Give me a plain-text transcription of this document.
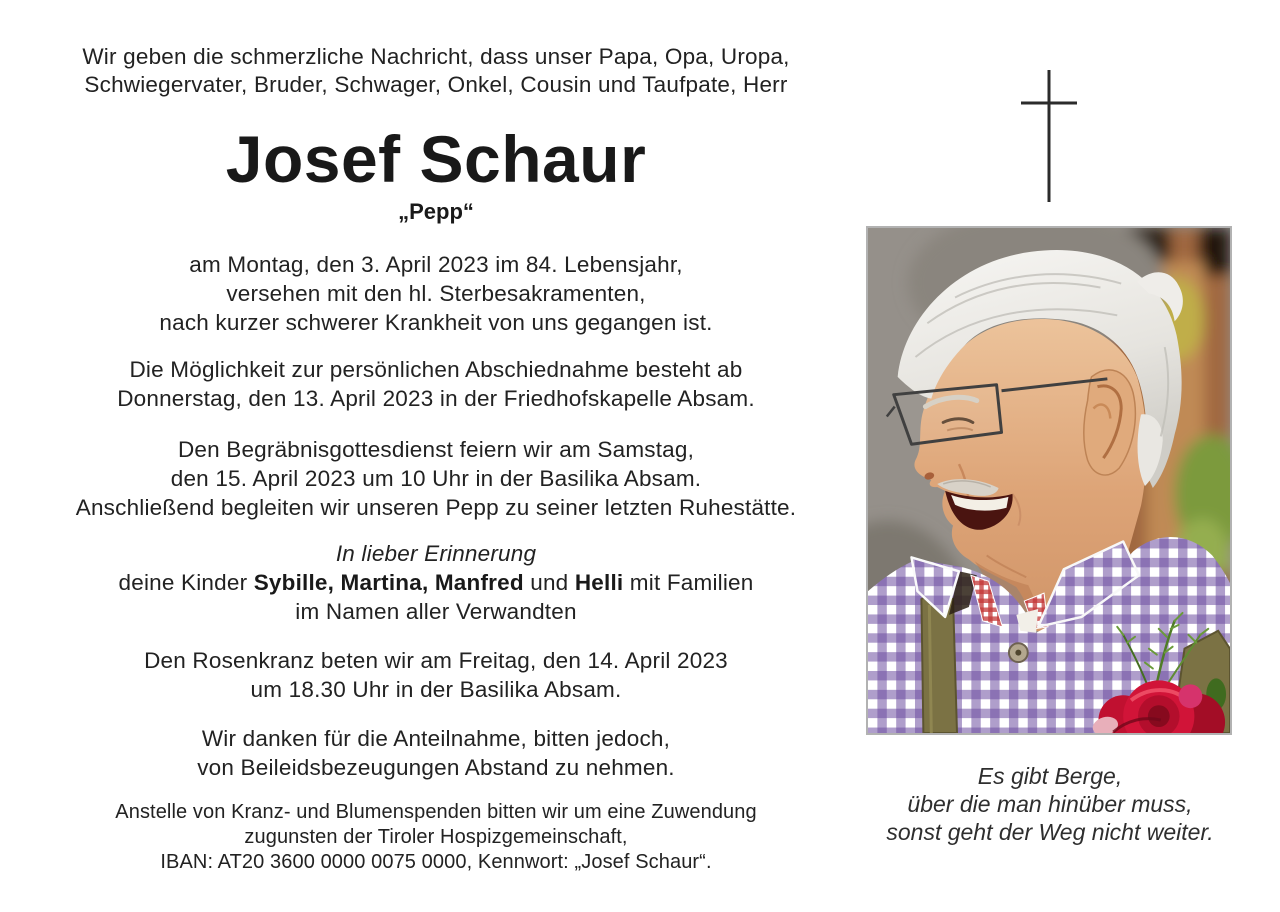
Wir geben die schmerzliche Nachricht, dass unser Papa, Opa, Uropa,
Schwiegervater, Bruder, Schwager, Onkel, Cousin und Taufpate, Herr
Josef Schaur
„Pepp“
am Montag, den 3. April 2023 im 84. Lebensjahr,
versehen mit den hl. Sterbesakramenten,
nach kurzer schwerer Krankheit von uns gegangen ist.
Die Möglichkeit zur persönlichen Abschiednahme besteht ab
Donnerstag, den 13. April 2023 in der Friedhofskapelle Absam.
Den Begräbnisgottesdienst feiern wir am Samstag,
den 15. April 2023 um 10 Uhr in der Basilika Absam.
Anschließend begleiten wir unseren Pepp zu seiner letzten Ruhestätte.
In lieber Erinnerung
deine Kinder Sybille, Martina, Manfred und Helli mit Familien
im Namen aller Verwandten
Den Rosenkranz beten wir am Freitag, den 14. April 2023
um 18.30 Uhr in der Basilika Absam.
Wir danken für die Anteilnahme, bitten jedoch,
von Beileidsbezeugungen Abstand zu nehmen.
Anstelle von Kranz- und Blumenspenden bitten wir um eine Zuwendung
zugunsten der Tiroler Hospizgemeinschaft,
IBAN: AT20 3600 0000 0075 0000, Kennwort: „Josef Schaur“.
Es gibt Berge,
über die man hinüber muss,
sonst geht der Weg nicht weiter.
